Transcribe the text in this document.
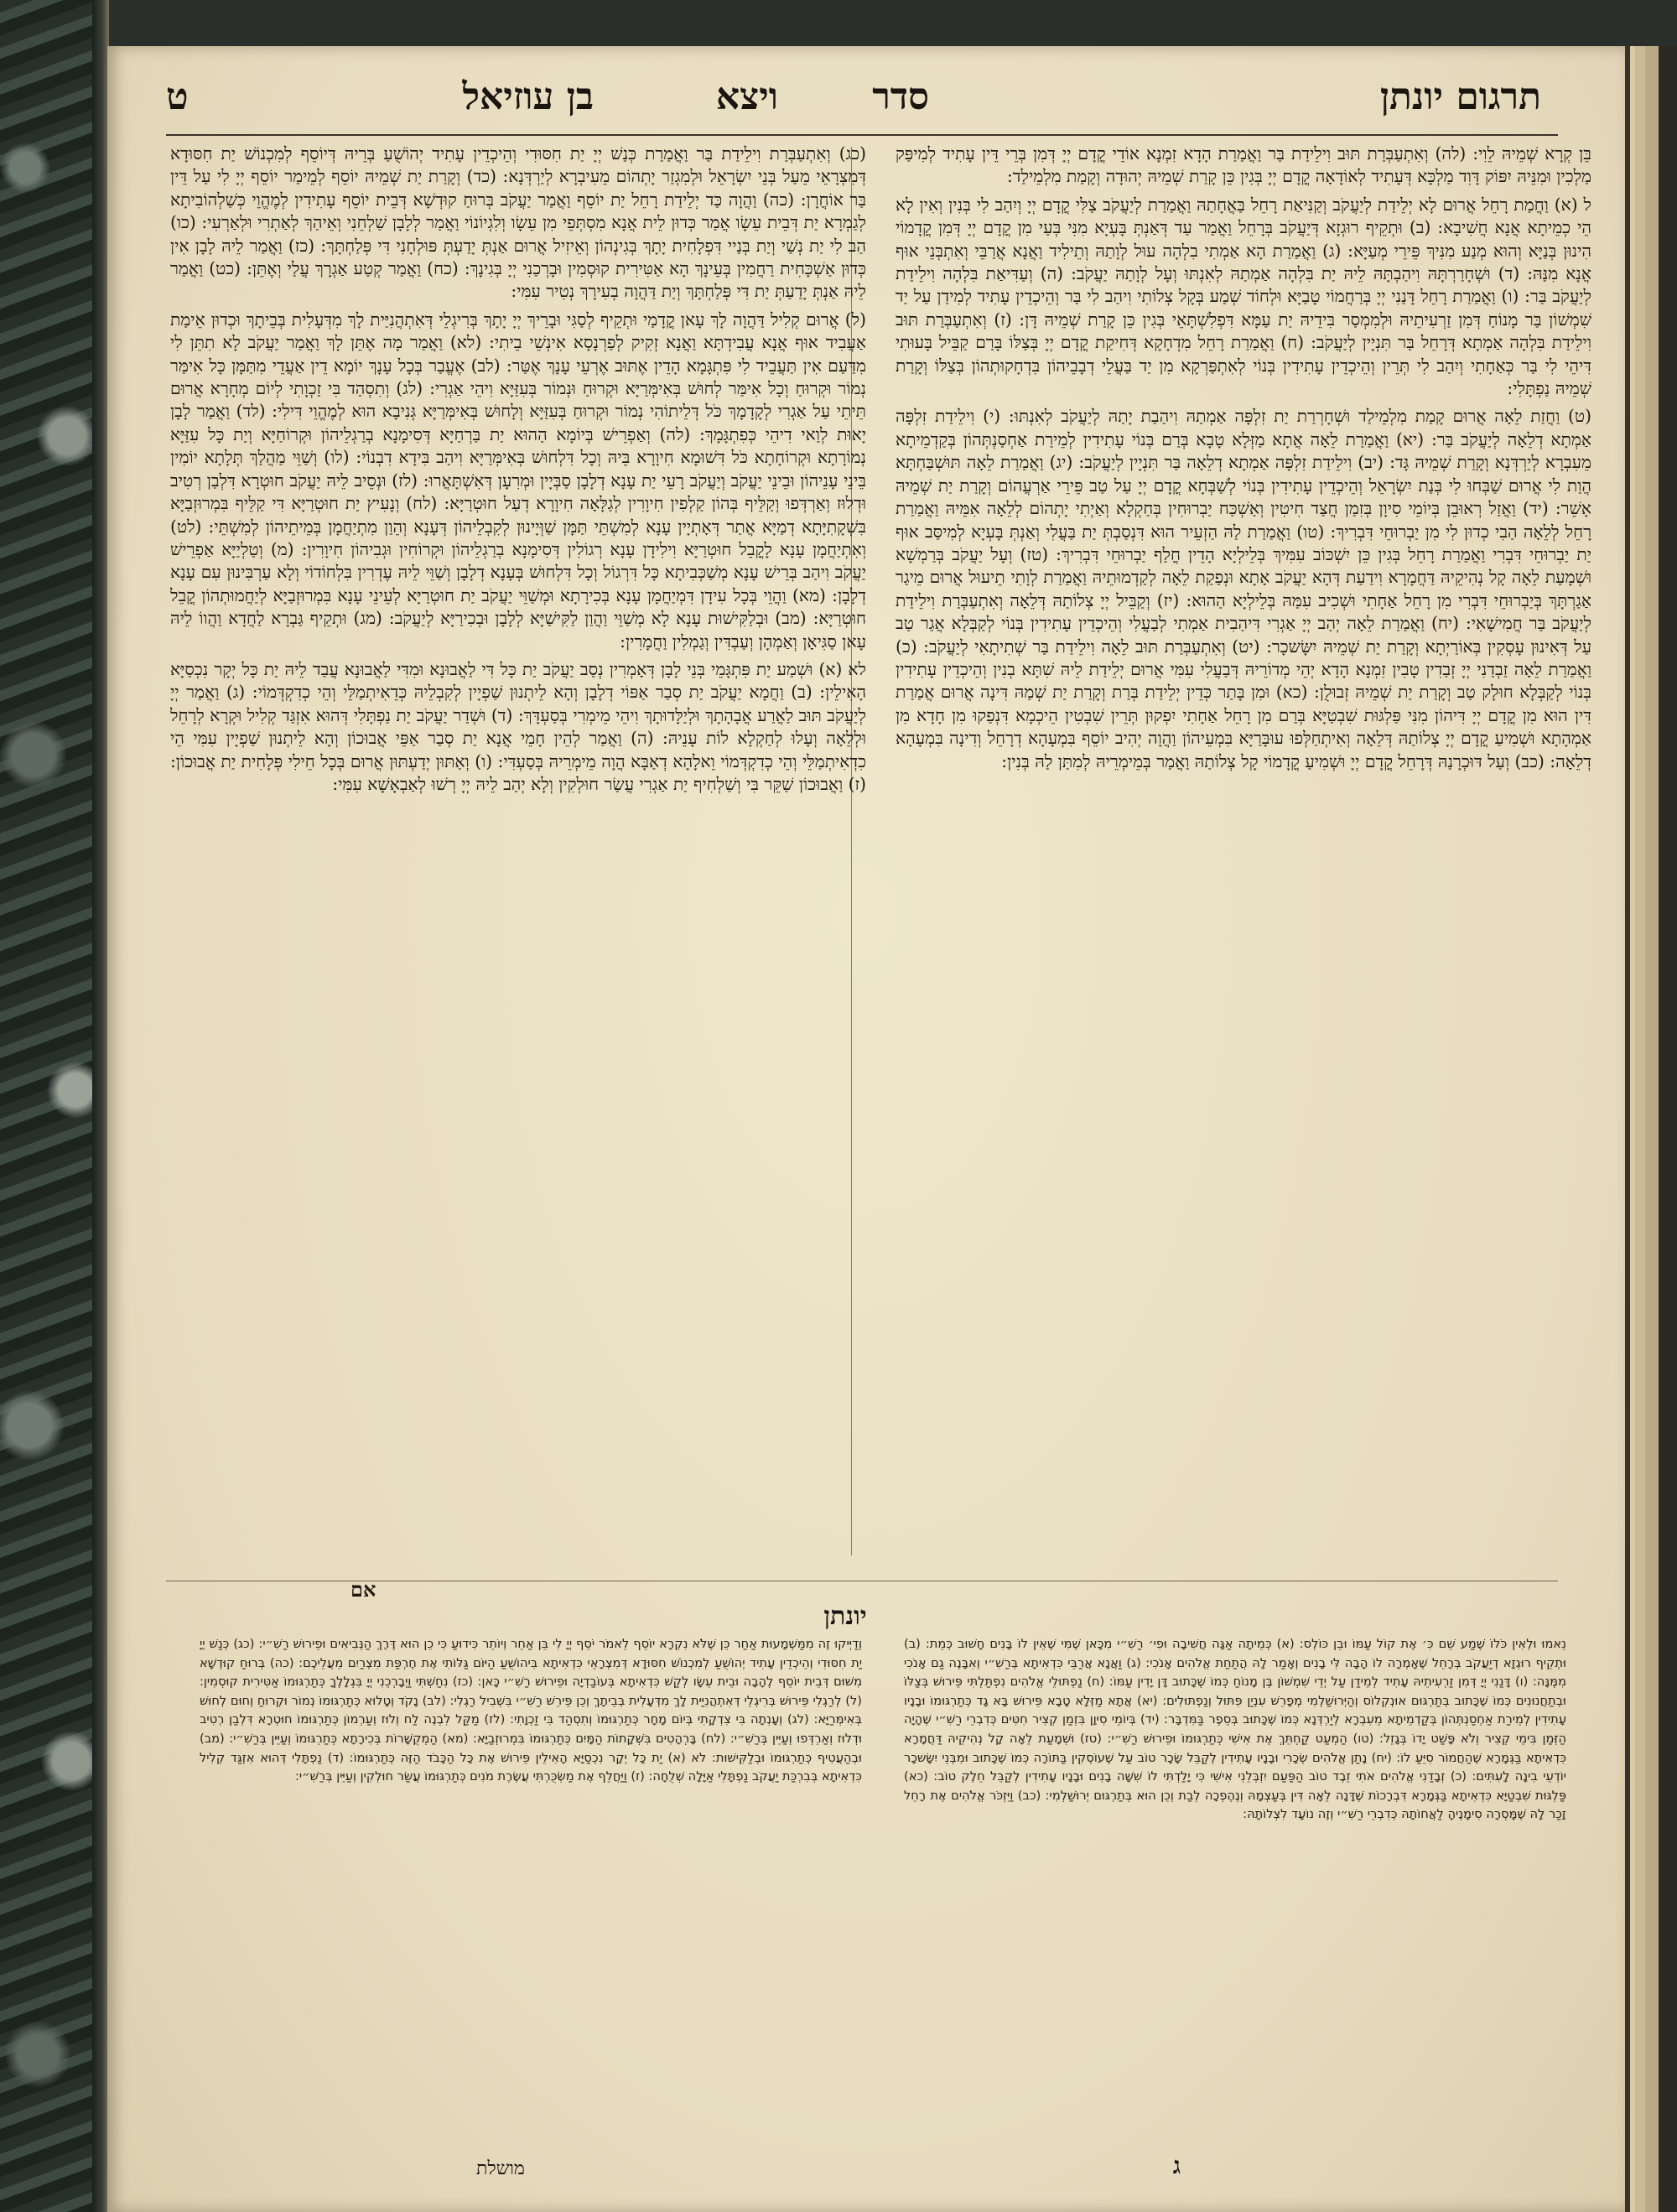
תרגום יונתן
סדר
ויצא
בן עוזיאל
ט

בֵּן קְרָא שְׁמֵיהּ לֵוִי: (לה) וְאִתְעַבְּרַת תּוּב וִילֵידַת בַּר וַאֲמַרַת הָדָא זִמְנָא אוֹדֵי קֳדָם יְיָ דְּמִן בְּרֵי דֵּין עָתִיד לְמִיפַּק מַלְכִין וּמִנֵּיהּ יִפּוֹק דָּוִד מַלְכָּא דְּעָתִיד לְאוֹדָאָה קֳדָם יְיָ בְּגִין כֵּן קָרַת שְׁמֵיהּ יְהוּדָה וְקָמַת מִלְמֵילַד:

ל (א) וַחֲמַת רָחֵל אֲרוּם לָא יְלֵידַת לְיַעֲקֹב וְקַנִּיאַת רָחֵל בַּאֲחָתַהּ וַאֲמַרַת לְיַעֲקֹב צַלִּי קֳדָם יְיָ וְיִהַב לִי בְּנִין וְאִין לָא הֵי כְמֵיתָא אֲנָא חֲשִׁיבָא: (ב) וּתְקֵיף רוּגְזָא דְּיַעֲקֹב בְּרָחֵל וַאֲמַר עַד דְּאַנְתְּ בָּעְיָא מִנִּי בְּעַי מִן קֳדָם יְיָ דְּמִן קֳדָמוֹי הִינוּן בְּנַיָּא וְהוּא מְנַע מִנִּיךְ פֵּירֵי מְעַיָּא: (ג) וַאֲמַרַת הָא אַמְתִי בִלְהָה עוּל לְוָתַהּ וְתֵילִיד וַאֲנָא אֲרַבֵּי וְאִתְבְּנֵי אוּף אֲנָא מִנַּהּ: (ד) וּשְׁחָרַרְתָּהּ וִיהַבְתָּהּ לֵיהּ יַת בִּלְהָה אַמְתַהּ לְאִנְתּוּ וְעָל לְוָתַהּ יַעֲקֹב: (ה) וְעַדִּיאַת בִּלְהָה וִילֵידַת לְיַעֲקֹב בַּר: (ו) וַאֲמַרַת רָחֵל דָּנַנִי יְיָ בְּרַחֲמוֹי טָבַיָּא וּלְחוֹד שְׁמַע בְּקָל צְלוֹתִי וִיהַב לִי בַּר וְהֵיכְדֵין עָתִיד לְמִידַן עַל יַד שִׁמְשׁוֹן בַּר מָנוֹחַ דְּמִן זַרְעִיתֵיהּ וּלְמִמְסַר בִּידֵיהּ יַת עַמָּא דִּפְלִשְׁתָּאֵי בְּגִין כֵּן קָרַת שְׁמֵיהּ דָּן: (ז) וְאִתְעַבְּרַת תּוּב וִילֵידַת בִּלְהָה אַמְתָא דְּרָחֵל בַּר תִּנְיָין לְיַעֲקֹב: (ח) וַאֲמַרַת רָחֵל מִדְחָקָא דְּחִיקַת קֳדָם יְיָ בְּצַלּוֹ בָּרַם קַבֵּיל בָּעוּתִי דִּיהֵי לִי בַּר כְּאַחָתִי וְיִהַב לִי תְּרֵין וְהֵיכְדֵין עָתִידִין בְּנוֹי לְאִתְפַּרְקָא מִן יַד בַּעֲלֵי דְבָבֵיהוֹן בִּדְחָקוּתְהוֹן בְּצַלּוֹ וְקָרַת שְׁמֵיהּ נַפְתָּלִי:

(ט) וַחֲזַת לֵאָה אֲרוּם קָמַת מִלְמֵילַד וּשְׁחָרְרַת יַת זִלְפָּה אַמְתַהּ וִיהַבַת יָתַהּ לְיַעֲקֹב לְאִנְתּוּ: (י) וִילֵידַת זִלְפָּה אַמְתָא דְלֵאָה לְיַעֲקֹב בַּר: (יא) וַאֲמַרַת לֵאָה אֲתָא מַזְּלָא טָבָא בְּרַם בְּנוֹי עָתִידִין לְמֵירַת אַחְסַנְתְּהוֹן בְּקַדְמֵיתָא מֵעִבְרָא לְיַרְדְּנָא וְקָרַת שְׁמֵיהּ גָּד: (יב) וִילֵידַת זִלְפָּה אַמְתָא דְלֵאָה בַּר תִּנְיָין לְיַעֲקֹב: (יג) וַאֲמַרַת לֵאָה תּוּשְׁבַּחְתָּא הֲוַת לִי אֲרוּם שַׁבְּחוּ לִי בְּנַת יִשְׂרָאֵל וְהֵיכְדֵין עָתִידִין בְּנוֹי לְשַׁבְּחָא קֳדָם יְיָ עַל טַב פֵּירֵי אַרְעֲהוֹם וְקָרַת יַת שְׁמֵיהּ אָשֵׁר: (יד) וַאֲזַל רְאוּבֵן בְּיוֹמֵי סִיוָן בְּזִמַן חֲצַד חִיטִין וְאַשְׁכַּח יַבְרוּחִין בְּחַקְלָא וְאַיְתִי יָתְהוֹם לְלֵאָה אִמֵּיהּ וַאֲמַרַת רָחֵל לְלֵאָה הַבִי כְדוּן לִי מִן יַבְרוּחֵי דִּבְרִיךְ: (טו) וַאֲמַרַת לַהּ הַזְעֵיר הוּא דִּנְסַבְתְּ יַת בַּעֲלִי וְאַנְתְּ בָּעְיָא לְמִיסַּב אוּף יַת יַבְרוּחֵי דִּבְרִי וַאֲמַרַת רָחֵל בְּגִין כֵּן יִשְׁכּוֹב עִמִּיךְ בְּלֵילְיָא הָדֵין חֳלַף יַבְרוּחֵי דִּבְרִיךְ: (טז) וְעָל יַעֲקֹב בְּרַמְשָׁא וּשְׁמָעַת לֵאָה קָל נְהִיקֵיהּ דַּחֲמָרָא וִידַעַת דְּהָא יַעֲקֹב אָתָא וּנְפַקַת לֵאָה לְקַדְמוּתֵיהּ וַאֲמַרַת לְוָתִי תֵיעוּל אֲרוּם מֵיגַר אַגַרְתָּךְ בְּיַבְרוּחֵי דִּבְרִי מִן רָחֵל אַחָתִי וּשְׁכִיב עִמַּהּ בְּלֵילְיָא הַהוּא: (יז) וְקַבֵּיל יְיָ צְלוֹתַהּ דְּלֵאָה וְאִתְעַבְּרַת וִילֵידַת לְיַעֲקֹב בַּר חֲמִישָׁאִי: (יח) וַאֲמַרַת לֵאָה יְהַב יְיָ אַגְרִי דִּיהַבִית אַמְתִי לְבַעֲלִי וְהֵיכְדֵין עָתִידִין בְּנוֹי לְקַבְּלָא אֲגַר טַב עַל דְּאִינוּן עָסְקִין בְּאוֹרַיְתָא וְקָרַת יַת שְׁמֵיהּ יִשָּׂשכָר: (יט) וְאִתְעַבְּרַת תּוּב לֵאָה וִילֵידַת בַּר שְׁתִיתָאִי לְיַעֲקֹב: (כ) וַאֲמַרַת לֵאָה זַבְדַנִי יְיָ זְבַדִין טָבִין זִמְנָא הָדָא יְהֵי מְדוֹרֵיהּ דְּבַעֲלִי עִמִּי אֲרוּם יְלֵידַת לֵיהּ שִׁתָּא בְנִין וְהֵיכְדֵין עָתִידִין בְּנוֹי לְקַבְּלָא חוּלָק טַב וְקָרַת יַת שְׁמֵיהּ זְבוּלֻן: (כא) וּמִן בָּתַר כְּדֵין יְלֵידַת בְּרַת וְקָרַת יַת שְׁמַהּ דִּינָה אֲרוּם אֲמַרַת דִּין הוּא מִן קֳדָם יְיָ דִּיהוֹן מִנִּי פַּלְגּוּת שִׁבְטַיָּא בְּרַם מִן רָחֵל אַחָתִי יִפְקוּן תְּרֵין שִׁבְטִין הֵיכְמָא דִּנְפַקוּ מִן חָדָא מִן אַמְהָתָא וּשְׁמִיעַ קֳדָם יְיָ צְלוֹתַהּ דְּלֵאָה וְאִיתְחַלְּפוּ עוּבָּרַיָּא בִּמְעֵיהוֹן וַהֲוָה יְהִיב יוֹסֵף בִּמְעָהָא דְרָחֵל וְדִינָה בִּמְעָהָא דְלֵאָה: (כב) וְעַל דּוּכְרָנַהּ דְּרָחֵל קֳדָם יְיָ וּשְׁמִיעַ קֳדָמוֹי קָל צְלוֹתַהּ וַאֲמַר בְּמֵימְרֵיהּ לְמִתַּן לַהּ בְּנִין:

(כג) וְאִתְעַבְּרַת וִילֵידַת בַּר וַאֲמַרַת כְּנַשׁ יְיָ יַת חִסּוּדִי וְהֵיכְדֵין עָתִיד יְהוֹשֻׁעַ בְּרֵיהּ דְּיוֹסֵף לְמִכְנוֹשׁ יַת חִסּוּדָא דְּמִצְרָאֵי מֵעַל בְּנֵי יִשְׂרָאֵל וּלְמִגְזַר יָתְהוֹם מֵעִיבְרָא לְיַרְדְּנָא: (כד) וְקָרַת יַת שְׁמֵיהּ יוֹסֵף לְמֵימַר יוֹסֵף יְיָ לִי עַל דֵּין בַּר אוֹחֲרָן: (כה) וַהֲוָה כַּד יְלֵידַת רָחֵל יַת יוֹסֵף וַאֲמַר יַעֲקֹב בְּרוּחַ קוּדְשָׁא דְּבֵית יוֹסֵף עָתִידִין לְמֶהֱוֵי כְּשַׁלְהוֹבִיתָא לְגַמְרָא יַת דְּבֵית עֵשָׂו אֲמַר כְּדוּן לֵית אֲנָא מִסְתְּפֵי מִן עֵשָׂו וְלִגְיוֹנוֹי וַאֲמַר לְלָבָן שַׁלְחֵנִי וְאֵיהַךְ לְאַתְרִי וּלְאַרְעִי: (כו) הַב לִי יַת נְשַׁי וְיַת בְּנַיי דִּפְלָחִית יָתָךְ בְּגִינְהוֹן וְאֵיזִיל אֲרוּם אַנְתְּ יָדַעְתְּ פּוּלְחָנִי דִּי פְּלַחְתָּךְ: (כז) וַאֲמַר לֵיהּ לָבָן אִין כְּדוּן אַשְׁכָּחִית רַחֲמִין בְּעֵינָךְ הָא אַטִּירִית קוּסְמִין וּבָרְכַנִי יְיָ בְּגִינָךְ: (כח) וַאֲמַר קְטַע אַגְרָךְ עֲלַי וְאֶתֵּן: (כט) וַאֲמַר לֵיהּ אַנְתְּ יָדַעַתְּ יַת דִּי פְּלַחְתָּךְ וְיַת דַּהֲוָה בְעִירָךְ נְטִיר עִמִּי:

(ל) אֲרוּם קְלִיל דַּהֲוָה לָךְ עָאן קֳדָמַי וּתְקֵיף לְסַגִּי וּבָרֵיךְ יְיָ יָתָךְ בְּרִיגְלֵי דְּאִתְהֲנִיַּית לָךְ מִדְּעָלִית בְּבֵיתָךְ וּכְדוּן אֵימַת אַעֲבִיד אוּף אֲנָא עֲבִידְתָּא וַאֲנָא זְקִיק לְפַרְנָסָא אִינְשֵׁי בֵיתִי: (לא) וַאֲמַר מָה אֶתֵּן לָךְ וַאֲמַר יַעֲקֹב לָא תִתֵּן לִי מִדַּעַם אִין תַּעֲבֵיד לִי פִּתְגָּמָא הָדֵין אֶתּוּב אֶרְעֵי עָנָךְ אֶטַּר: (לב) אֶעֱבַר בְּכָל עָנָךְ יוֹמָא דֵין אַעֲדֵי מִתַּמָּן כָּל אִימַּר נְמוֹר וּקְרוּחַ וְכָל אִימַּר לְחוּשׁ בְּאִימְּרַיָּא וּקְרוּחַ וּנְמוֹר בְּעִזַּיָּא וִיהֵי אַגְרִי: (לג) וְתִסְהַד בִּי זַכְוָתִי לְיוֹם מְחָרָא אֲרוּם תֵּיתֵי עַל אַגְרִי לְקָדָמָךְ כֹּל דְּלֵיתוֹהִי נְמוֹר וּקְרוּחַ בְּעִזַּיָּא וְלָחוּשׁ בְּאִימְּרַיָּא גְּנִיבָא הוּא לְמֶהֱוֵי דִּילִי: (לד) וַאֲמַר לָבָן יָאוּת לְוַאי דִיהֵי כְּפִתְגָּמָךְ: (לה) וְאַפְרֵישׁ בְּיוֹמָא הַהוּא יַת בַּרְחַיָּא דְּסִימָנָא בְרַגְלֵיהוֹן וּקְרוֹחַיָּא וְיַת כָּל עִזַּיָּא נְמוֹרָתָא וּקְרוֹחָתָא כֹּל דִּשׁוּמָא חִיוָרָא בֵּיהּ וְכָל דִּלְחוּשׁ בְּאִימְּרַיָּא וִיהַב בִּידָא דִבְנוֹי: (לו) וְשַׁוֵּי מַהֲלַךְ תְּלָתָא יוֹמִין בֵּינֵי עָנֵיהוֹן וּבֵינֵי יַעֲקֹב וְיַעֲקֹב רָעֵי יַת עָנָא דְלָבָן סַבְּיָין וּמְרִעָן דְּאִשְׁתָּאֲרוּ: (לז) וּנְסֵיב לֵיהּ יַעֲקֹב חוּטְרָא דִּלְבַן רְטִיב וּדְלוּז וְאַרְדְּפוּ וְקַלֵּיף בְּהוֹן קַלְפִין חִיוָרִין לְגַלָּאָה חִיוָרָא דְעַל חוּטְרַיָּא: (לח) וְנָעִיץ יַת חוּטְרַיָּא דִּי קַלֵּיף בִּמְרוּזְבַיָּא בִּשְׁקָתִיָּתָא דְמַיָּא אֲתַר דְּאָתְיָין עָנָא לְמִשְׁתֵּי תַּמָּן שַׁוְּיָינוּן לְקִבְלֵיהוֹן דְּעָנָא וְהֵוַן מִתְיַחֲמָן בְּמֵיתֵיהוֹן לְמִשְׁתֵּי: (לט) וְאִתְיַחֲמָן עָנָא לָקֳבֵל חוּטְרַיָּא וִילִידָן עָנָא רְגוֹלִין דְּסִימָנָא בְרַגְלֵיהוֹן וּקְרוֹחִין וּגְבִיהוֹן חִיוָרִין: (מ) וְטַלְיַיָּא אַפְרֵישׁ יַעֲקֹב וִיהַב בְּרֵישׁ עָנָא מְשַׁכְּבִיתָא כָּל דִּרְגוֹל וְכָל דִּלְחוּשׁ בְּעָנָא דְלָבָן וְשַׁוֵּי לֵיהּ עֶדְרִין בִּלְחוֹדוֹי וְלָא עַרְבִּינוּן עִם עָנָא דְלָבָן: (מא) וַהֲוֵי בְּכָל עִידָן דִּמְיַחֲמָן עָנָא בְּכִירָתָא וּמְשַׁוֵּי יַעֲקֹב יַת חוּטְרַיָּא לְעֵינֵי עָנָא בִּמְרוּזְבַיָּא לְיַחֲמוּתְהוֹן קֳבֵל חוּטְרַיָּא: (מב) וּבְלַקִּישׁוּת עָנָא לָא מְשַׁוֵּי וַהֲוַן לַקִּישַׁיָּא לְלָבָן וּבְכִירַיָּא לְיַעֲקֹב: (מג) וּתְקֵיף גַּבְרָא לַחֲדָא וַהֲווֹ לֵיהּ עָאן סַגִּיאָן וְאַמְהָן וְעַבְדִּין וְגַמְלִין וַחֲמָרִין:

לא (א) וּשְׁמַע יַת פִּתְגָּמֵי בְּנֵי לָבָן דְּאָמְרִין נְסַב יַעֲקֹב יַת כָּל דִּי לַאֲבוּנָא וּמִדִּי לַאֲבוּנָא עֲבַד לֵיהּ יַת כָּל יְקָר נִכְסַיָּא הָאִילֵין: (ב) וַחֲמָא יַעֲקֹב יַת סְבַר אַפּוֹי דְלָבָן וְהָא לֵיתְנוּן שַׁפְיָין לְקִבְלֵיהּ כְּדֵאִיתְמַלֵּי וְהֵי כְדִקְדְּמוֹי: (ג) וַאֲמַר יְיָ לְיַעֲקֹב תּוּב לַאֲרַע אֲבָהָתָךְ וּלְיַלָּדוּתָךְ וִיהֵי מֵימְרִי בְּסַעְדָּךְ: (ד) וּשְׁדַר יַעֲקֹב יַת נַפְתָּלִי דְּהוּא אִזְגַּד קְלִיל וּקְרָא לְרָחֵל וּלְלֵאָה וְעָלוּ לְחַקְלָא לוֹת עָנֵיהּ: (ה) וַאֲמַר לְהֵין חָמֵי אֲנָא יַת סְבַר אַפֵּי אֲבוּכוֹן וְהָא לֵיתְנוּן שַׁפְיָין עִמִּי הֵי כִדְאִיתְמַלֵּי וְהֵי כְדִקְדְּמוֹי וֵאלָהָא דְאַבָּא הֲוָה מֵימְרֵיהּ בְּסַעְדִּי: (ו) וְאַתּוּן יְדַעְתּוּן אֲרוּם בְּכָל חֵילִי פְּלָחִית יַת אֲבוּכוֹן: (ז) וַאֲבוּכוֹן שַׁקֵּר בִּי וְשַׁלְחִיף יַת אַגְרִי עֲשַׂר חוּלְקִין וְלָא יְהַב לֵיהּ יְיָ רְשׁוּ לְאַבְאָשָׁא עִמִּי:

אם
יונתן

נֵאמוּ וּלְאִין כֹּלוֹ שֶׁמַע שֵׁם כִּ׳ אֶת קוֹל עַמּוֹ וּבֵן כּוֹלְס: (א) כְּמֵיתָה אַגָּה חֲשִׁיבָה וּפִי׳ רַשִׁ״י מִכָּאן שֶׁמִּי שֶׁאֵין לוֹ בָּנִים חָשׁוּב כְּמֵת: (ב) וּתְקֵיף רוּגְזָא דְיַעֲקֹב בְּרָחֵל שֶׁאָמְרָה לוֹ הָבָה לִּי בָנִים וְאָמַר לָהּ הֲתַחַת אֱלֹהִים אָנֹכִי: (ג) וַאֲנָא אֲרַבֵּי כִּדְאִיתָא בְּרַשִׁ״י וְאִבָּנֶה גַם אָנֹכִי מִמֶּנָּה: (ו) דָּנַנִי יְיָ דְּמִן זַרְעִיתֵיהּ עָתִיד לְמֵידַן עַל יְדֵי שִׁמְשׁוֹן בֶּן מָנוֹחַ כְּמוֹ שֶׁכָּתוּב דָּן יָדִין עַמּוֹ: (ח) נַפְתּוּלֵי אֱלֹהִים נִפְתַּלְתִּי פֵּירוּשׁ בְּצַלּוֹ וּבְתַחֲנוּנִים כְּמוֹ שֶׁכָּתוּב בְּתַרְגּוּם אוּנְקְלוֹס וְהַיְּרוּשַׁלְמִי מְפָרֵשׁ עִנְיַן פִּתּוּל וְנַפְתּוּלִים: (יא) אֲתָא מַזְּלָא טָבָא פֵּירוּשׁ בָּא גָד כְּתַרְגּוּמוֹ וּבָנָיו עָתִידִין לְמֵירַת אַחְסַנְתְּהוֹן בְּקַדְמֵיתָא מֵעִבְרָא לְיַרְדְּנָא כְּמוֹ שֶׁכָּתוּב בְּסֵפֶר בַּמִּדְבָּר: (יד) בְּיוֹמֵי סִיוָן בִּזְמַן קְצִיר חִטִּים כְּדִבְרֵי רַשִׁ״י שֶׁהָיָה הַזְּמַן בִּימֵי קְצִיר וְלֹא פָּשַׁט יָדוֹ בְּגָזֵל: (טו) הַמְעַט קַחְתֵּךְ אֶת אִישִׁי כְּתַרְגּוּמוֹ וּפֵירוּשׁ רַשִׁ״י: (טז) וּשְׁמָעַת לֵאָה קָל נְהִיקֵיהּ דַּחֲמָרָא כִּדְאִיתָא בַּגְּמָרָא שֶׁהַחֲמוֹר סִיֵּעַ לוֹ: (יח) נָתַן אֱלֹהִים שְׂכָרִי וּבָנָיו עָתִידִין לְקַבֵּל שָׂכָר טוֹב עַל שֶׁעוֹסְקִין בַּתּוֹרָה כְּמוֹ שֶׁכָּתוּב וּמִבְּנֵי יִשָּׂשכָר יוֹדְעֵי בִינָה לָעִתִּים: (כ) זְבָדַנִי אֱלֹהִים אֹתִי זֵבֶד טוֹב הַפַּעַם יִזְבְּלֵנִי אִישִׁי כִּי יָלַדְתִּי לוֹ שִׁשָּׁה בָנִים וּבָנָיו עָתִידִין לְקַבֵּל חֵלֶק טוֹב: (כא) פַּלְגּוּת שִׁבְטַיָּא כִּדְאִיתָא בַּגְּמָרָא דִּבְרָכוֹת שֶׁדָּנָה לֵאָה דִּין בְּעַצְמָהּ וְנֶהֶפְכָה לְבַת וְכֵן הוּא בְּתַרְגּוּם יְרוּשַׁלְמִי: (כב) וַיִּזְכֹּר אֱלֹהִים אֶת רָחֵל זָכַר לָהּ שֶׁמָּסְרָה סִימָנֶיהָ לַאֲחוֹתָהּ כְּדִבְרֵי רַשִׁ״י וְזֶה נוֹעָד לִצְלוֹתָהּ:

וְדַיְּיקוּ זֶה מִמַּשְׁמָעוּת אַחַר כֵּן שֶׁלֹּא נִקְרָא יוֹסֵף לֵאמֹר יֹסֵף יְיָ לִי בֵּן אַחֵר וְיוֹתֵר כִּידוּעַ כִּי כֵן הוּא דֶּרֶךְ הַנְּבִיאִים וּפֵירוּשׁ רַשִׁ״י: (כג) כְּנַשׁ יְיָ יַת חִסּוּדִי וְהֵיכְדֵין עָתִיד יְהוֹשֻׁעַ לְמִכְנוֹשׁ חִסּוּדָא דְּמִצְרָאֵי כִּדְאִיתָא בִּיהוֹשֻׁעַ הַיּוֹם גַּלּוֹתִי אֶת חֶרְפַּת מִצְרַיִם מֵעֲלֵיכֶם: (כה) בְּרוּחַ קוּדְשָׁא מִשּׁוּם דְּבֵית יוֹסֵף לֶהָבָה וּבֵית עֵשָׂו לְקַשׁ כִּדְאִיתָא בְּעוֹבַדְיָה וּפֵירוּשׁ רַשִׁ״י כָּאן: (כז) נִחַשְׁתִּי וַיְבָרְכֵנִי יְיָ בִּגְלָלֶךָ כְּתַרְגּוּמוֹ אַטִּירִית קוּסְמִין: (ל) לְרַגְלִי פֵּירוּשׁ בְּרִיגְלֵי דְּאִתְהֲנִיַּית לָךְ מִדְּעָלִית בְּבֵיתָךְ וְכֵן פֵּירֵשׁ רַשִׁ״י בִּשְׁבִיל רַגְלִי: (לב) נָקֹד וְטָלוּא כְּתַרְגּוּמוֹ נְמוֹר וּקְרוּחַ וְחוּם לְחוּשׁ בְּאִימְּרַיָּא: (לג) וְעָנְתָה בִּי צִדְקָתִי בְּיוֹם מָחָר כְּתַרְגּוּמוֹ וְתִסְהַד בִּי זַכְוָתִי: (לז) מַקַּל לִבְנֶה לַח וְלוּז וְעַרְמוֹן כְּתַרְגּוּמוֹ חוּטְרָא דִּלְבַן רְטִיב וּדְלוּז וְאַרְדְּפוּ וְעַיֵּין בְּרַשִׁ״י: (לח) בָּרְהָטִים בִּשְׁקָתוֹת הַמָּיִם כְּתַרְגּוּמוֹ בִּמְרוּזְבַיָּא: (מא) הַמְקֻשָּׁרוֹת בְּכִירָתָא כְּתַרְגּוּמוֹ וְעַיֵּין בְּרַשִׁ״י: (מב) וּבְהַעֲטִיף כְּתַרְגּוּמוֹ וּבְלַקִּישׁוּת: לא (א) יַת כָּל יְקָר נִכְסַיָּא הָאִילֵין פֵּירוּשׁ אֶת כָּל הַכָּבֹד הַזֶּה כְּתַרְגּוּמוֹ: (ד) נַפְתָּלִי דְּהוּא אִזְגַּד קְלִיל כִּדְאִיתָא בְּבִרְכַּת יַעֲקֹב נַפְתָּלִי אַיָּלָה שְׁלֻחָה: (ז) וַיַּחֲלֵף אֶת מַשְׂכֻּרְתִּי עֲשֶׂרֶת מֹנִים כְּתַרְגּוּמוֹ עֲשַׂר חוּלְקִין וְעַיֵּין בְּרַשִׁ״י:

מושלת	ג
